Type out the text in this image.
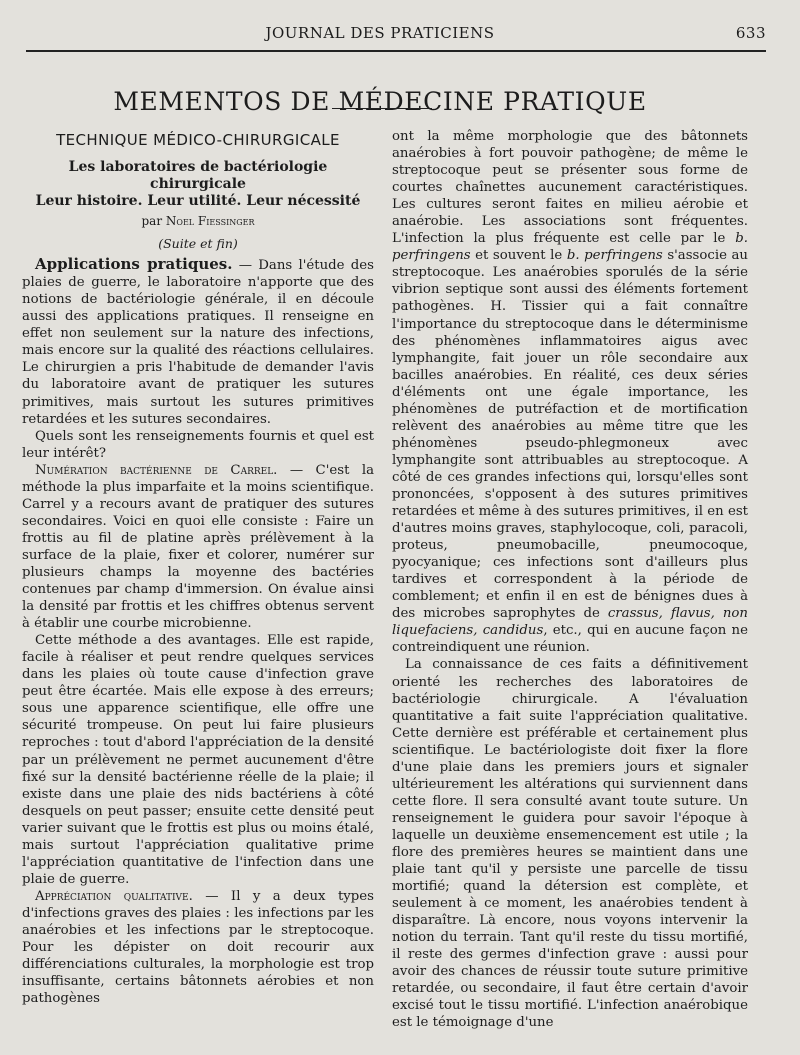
JOURNAL DES PRATICIENS	633
MEMENTOS DE MÉDECINE PRATIQUE
TECHNIQUE MÉDICO-CHIRURGICALE
Les laboratoires de bactériologie chirurgicale
Leur histoire. Leur utilité. Leur nécessité
par Noel Fiessinger
(Suite et fin)

Applications pratiques. — Dans l'étude des plaies de guerre, le laboratoire n'apporte que des notions de bactériologie générale, il en découle aussi des applications pratiques. Il renseigne en effet non seulement sur la nature des infections, mais encore sur la qualité des réactions cellulaires. Le chirurgien a pris l'habitude de demander l'avis du laboratoire avant de pratiquer les sutures primitives, mais surtout les sutures primitives retardées et les sutures secondaires.

Quels sont les renseignements fournis et quel est leur intérêt?

Numération bactérienne de Carrel. — C'est la méthode la plus imparfaite et la moins scientifique. Carrel y a recours avant de pratiquer des sutures secondaires. Voici en quoi elle consiste : Faire un frottis au fil de platine après prélèvement à la surface de la plaie, fixer et colorer, numérer sur plusieurs champs la moyenne des bactéries contenues par champ d'immersion. On évalue ainsi la densité par frottis et les chiffres obtenus servent à établir une courbe microbienne.

Cette méthode a des avantages. Elle est rapide, facile à réaliser et peut rendre quelques services dans les plaies où toute cause d'infection grave peut être écartée. Mais elle expose à des erreurs; sous une apparence scientifique, elle offre une sécurité trompeuse. On peut lui faire plusieurs reproches : tout d'abord l'appréciation de la densité par un prélèvement ne permet aucunement d'être fixé sur la densité bactérienne réelle de la plaie; il existe dans une plaie des nids bactériens à côté desquels on peut passer; ensuite cette densité peut varier suivant que le frottis est plus ou moins étalé, mais surtout l'appréciation qualitative prime l'appréciation quantitative de l'infection dans une plaie de guerre.

Appréciation qualitative. — Il y a deux types d'infections graves des plaies : les infections par les anaérobies et les infections par le streptocoque. Pour les dépister on doit recourir aux différenciations culturales, la morphologie est trop insuffisante, certains bâtonnets aérobies et non pathogènes

ont la même morphologie que des bâtonnets anaérobies à fort pouvoir pathogène; de même le streptocoque peut se présenter sous forme de courtes chaînettes aucunement caractéristiques. Les cultures seront faites en milieu aérobie et anaérobie. Les associations sont fréquentes. L'infection la plus fréquente est celle par le b. perfringens et souvent le b. perfringens s'associe au streptocoque. Les anaérobies sporulés de la série vibrion septique sont aussi des éléments fortement pathogènes. H. Tissier qui a fait connaître l'importance du streptocoque dans le déterminisme des phénomènes inflammatoires aigus avec lymphangite, fait jouer un rôle secondaire aux bacilles anaérobies. En réalité, ces deux séries d'éléments ont une égale importance, les phénomènes de putréfaction et de mortification relèvent des anaérobies au même titre que les phénomènes pseudo-phlegmoneux avec lymphangite sont attribuables au streptocoque. A côté de ces grandes infections qui, lorsqu'elles sont prononcées, s'opposent à des sutures primitives retardées et même à des sutures primitives, il en est d'autres moins graves, staphylocoque, coli, paracoli, proteus, pneumobacille, pneumocoque, pyocyanique; ces infections sont d'ailleurs plus tardives et correspondent à la période de comblement; et enfin il en est de bénignes dues à des microbes saprophytes de crassus, flavus, non liquefaciens, candidus, etc., qui en aucune façon ne contreindiquent une réunion.

La connaissance de ces faits a définitivement orienté les recherches des laboratoires de bactériologie chirurgicale. A l'évaluation quantitative a fait suite l'appréciation qualitative. Cette dernière est préférable et certainement plus scientifique. Le bactériologiste doit fixer la flore d'une plaie dans les premiers jours et signaler ultérieurement les altérations qui surviennent dans cette flore. Il sera consulté avant toute suture. Un renseignement le guidera pour savoir l'époque à laquelle un deuxième ensemencement est utile ; la flore des premières heures se maintient dans une plaie tant qu'il y persiste une parcelle de tissu mortifié; quand la détersion est complète, et seulement à ce moment, les anaérobies tendent à disparaître. Là encore, nous voyons intervenir la notion du terrain. Tant qu'il reste du tissu mortifié, il reste des germes d'infection grave : aussi pour avoir des chances de réussir toute suture primitive retardée, ou secondaire, il faut être certain d'avoir excisé tout le tissu mortifié. L'infection anaérobique est le témoignage d'une
